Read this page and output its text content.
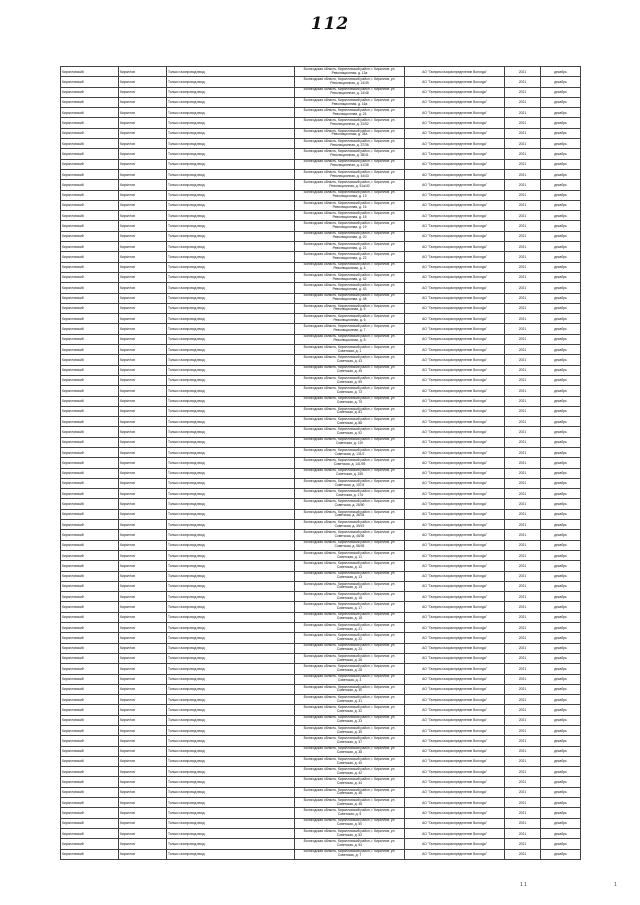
112
Кирилловский	Кириллов	Только газопровод ввод	Вологодская область, Кирилловский район, г. Кириллов, ул. Революционная, д. 13а	АО "Газпром газораспределение Вологда"	2021	декабрь
Кирилловский	Кириллов	Только газопровод ввод	Вологодская область, Кирилловский район, г. Кириллов, ул. Революционная, д. 14/49	АО "Газпром газораспределение Вологда"	2021	декабрь
Кирилловский	Кириллов	Только газопровод ввод	Вологодская область, Кирилловский район, г. Кириллов, ул. Революционная, д. 14/48	АО "Газпром газораспределение Вологда"	2021	декабрь
Кирилловский	Кириллов	Только газопровод ввод	Вологодская область, Кирилловский район, г. Кириллов, ул. Революционная, д. 16а	АО "Газпром газораспределение Вологда"	2021	декабрь
Кирилловский	Кириллов	Только газопровод ввод	Вологодская область, Кирилловский район, г. Кириллов, ул. Революционная, д. 24	АО "Газпром газораспределение Вологда"	2021	декабрь
Кирилловский	Кириллов	Только газопровод ввод	Вологодская область, Кирилловский район, г. Кириллов, ул. Революционная, д. 31/52	АО "Газпром газораспределение Вологда"	2021	декабрь
Кирилловский	Кириллов	Только газопровод ввод	Вологодская область, Кирилловский район, г. Кириллов, ул. Революционная, д. 34а	АО "Газпром газораспределение Вологда"	2021	декабрь
Кирилловский	Кириллов	Только газопровод ввод	Вологодская область, Кирилловский район, г. Кириллов, ул. Революционная, д. 37/36	АО "Газпром газораспределение Вологда"	2021	декабрь
Кирилловский	Кириллов	Только газопровод ввод	Вологодская область, Кирилловский район, г. Кириллов, ул. Революционная, д. 38/41	АО "Газпром газораспределение Вологда"	2021	декабрь
Кирилловский	Кириллов	Только газопровод ввод	Вологодская область, Кирилловский район, г. Кириллов, ул. Революционная, д. 41/38	АО "Газпром газораспределение Вологда"	2021	декабрь
Кирилловский	Кириллов	Только газопровод ввод	Вологодская область, Кирилловский район, г. Кириллов, ул. Революционная, д. 44/43	АО "Газпром газораспределение Вологда"	2021	декабрь
Кирилловский	Кириллов	Только газопровод ввод	Вологодская область, Кирилловский район, г. Кириллов, ул. Революционная, д. 51а/40	АО "Газпром газораспределение Вологда"	2021	декабрь
Кирилловский	Кириллов	Только газопровод ввод	Вологодская область, Кирилловский район, г. Кириллов, ул. Революционная, д. 13	АО "Газпром газораспределение Вологда"	2021	декабрь
Кирилловский	Кириллов	Только газопровод ввод	Вологодская область, Кирилловский район, г. Кириллов, ул. Революционная, д. 15	АО "Газпром газораспределение Вологда"	2021	декабрь
Кирилловский	Кириллов	Только газопровод ввод	Вологодская область, Кирилловский район, г. Кириллов, ул. Революционная, д. 18	АО "Газпром газораспределение Вологда"	2021	декабрь
Кирилловский	Кириллов	Только газопровод ввод	Вологодская область, Кирилловский район, г. Кириллов, ул. Революционная, д. 19	АО "Газпром газораспределение Вологда"	2021	декабрь
Кирилловский	Кириллов	Только газопровод ввод	Вологодская область, Кирилловский район, г. Кириллов, ул. Революционная, д. 20	АО "Газпром газораспределение Вологда"	2021	декабрь
Кирилловский	Кириллов	Только газопровод ввод	Вологодская область, Кирилловский район, г. Кириллов, ул. Революционная, д. 21	АО "Газпром газораспределение Вологда"	2021	декабрь
Кирилловский	Кириллов	Только газопровод ввод	Вологодская область, Кирилловский район, г. Кириллов, ул. Революционная, д. 22	АО "Газпром газораспределение Вологда"	2021	декабрь
Кирилловский	Кириллов	Только газопровод ввод	Вологодская область, Кирилловский район, г. Кириллов, ул. Революционная, д. 4	АО "Газпром газораспределение Вологда"	2021	декабрь
Кирилловский	Кириллов	Только газопровод ввод	Вологодская область, Кирилловский район, г. Кириллов, ул. Революционная, д. 42	АО "Газпром газораспределение Вологда"	2021	декабрь
Кирилловский	Кириллов	Только газопровод ввод	Вологодская область, Кирилловский район, г. Кириллов, ул. Революционная, д. 43	АО "Газпром газораспределение Вологда"	2021	декабрь
Кирилловский	Кириллов	Только газопровод ввод	Вологодская область, Кирилловский район, г. Кириллов, ул. Революционная, д. 48	АО "Газпром газораспределение Вологда"	2021	декабрь
Кирилловский	Кириллов	Только газопровод ввод	Вологодская область, Кирилловский район, г. Кириллов, ул. Революционная, д. 5	АО "Газпром газораспределение Вологда"	2021	декабрь
Кирилловский	Кириллов	Только газопровод ввод	Вологодская область, Кирилловский район, г. Кириллов, ул. Революционная, д. 6	АО "Газпром газораспределение Вологда"	2021	декабрь
Кирилловский	Кириллов	Только газопровод ввод	Вологодская область, Кирилловский район, г. Кириллов, ул. Революционная, д. 7	АО "Газпром газораспределение Вологда"	2021	декабрь
Кирилловский	Кириллов	Только газопровод ввод	Вологодская область, Кирилловский район, г. Кириллов, ул. Революционная, д. 8	АО "Газпром газораспределение Вологда"	2021	декабрь
Кирилловский	Кириллов	Только газопровод ввод	Вологодская область, Кирилловский район, г. Кириллов, ул. Советская, д. 1	АО "Газпром газораспределение Вологда"	2021	декабрь
Кирилловский	Кириллов	Только газопровод ввод	Вологодская область, Кирилловский район, г. Кириллов, ул. Советская, д. 43	АО "Газпром газораспределение Вологда"	2021	декабрь
Кирилловский	Кириллов	Только газопровод ввод	Вологодская область, Кирилловский район, г. Кириллов, ул. Советская, д. 45	АО "Газпром газораспределение Вологда"	2021	декабрь
Кирилловский	Кириллов	Только газопровод ввод	Вологодская область, Кирилловский район, г. Кириллов, ул. Советская, д. 59	АО "Газпром газораспределение Вологда"	2021	декабрь
Кирилловский	Кириллов	Только газопровод ввод	Вологодская область, Кирилловский район, г. Кириллов, ул. Советская, д. 73	АО "Газпром газораспределение Вологда"	2021	декабрь
Кирилловский	Кириллов	Только газопровод ввод	Вологодская область, Кирилловский район, г. Кириллов, ул. Советская, д. 79	АО "Газпром газораспределение Вологда"	2021	декабрь
Кирилловский	Кириллов	Только газопровод ввод	Вологодская область, Кирилловский район, г. Кириллов, ул. Советская, д. 81	АО "Газпром газораспределение Вологда"	2021	декабрь
Кирилловский	Кириллов	Только газопровод ввод	Вологодская область, Кирилловский район, г. Кириллов, ул. Советская, д. 88	АО "Газпром газораспределение Вологда"	2021	декабрь
Кирилловский	Кириллов	Только газопровод ввод	Вологодская область, Кирилловский район, г. Кириллов, ул. Советская, д. 92	АО "Газпром газораспределение Вологда"	2021	декабрь
Кирилловский	Кириллов	Только газопровод ввод	Вологодская область, Кирилловский район, г. Кириллов, ул. Советская, д. 119	АО "Газпром газораспределение Вологда"	2021	декабрь
Кирилловский	Кириллов	Только газопровод ввод	Вологодская область, Кирилловский район, г. Кириллов, ул. Советская, д. 131/2	АО "Газпром газораспределение Вологда"	2021	декабрь
Кирилловский	Кириллов	Только газопровод ввод	Вологодская область, Кирилловский район, г. Кириллов, ул. Советская, д. 141/95	АО "Газпром газораспределение Вологда"	2021	декабрь
Кирилловский	Кириллов	Только газопровод ввод	Вологодская область, Кирилловский район, г. Кириллов, ул. Советская, д. 155	АО "Газпром газораспределение Вологда"	2021	декабрь
Кирилловский	Кириллов	Только газопровод ввод	Вологодская область, Кирилловский район, г. Кириллов, ул. Советская, д. 157/4	АО "Газпром газораспределение Вологда"	2021	декабрь
Кирилловский	Кириллов	Только газопровод ввод	Вологодская область, Кирилловский район, г. Кириллов, ул. Советская, д. 174	АО "Газпром газораспределение Вологда"	2021	декабрь
Кирилловский	Кириллов	Только газопровод ввод	Вологодская область, Кирилловский район, г. Кириллов, ул. Советская, д. 26/50	АО "Газпром газораспределение Вологда"	2021	декабрь
Кирилловский	Кириллов	Только газопровод ввод	Вологодская область, Кирилловский район, г. Кириллов, ул. Советская, д. 36/34	АО "Газпром газораспределение Вологда"	2021	декабрь
Кирилловский	Кириллов	Только газопровод ввод	Вологодская область, Кирилловский район, г. Кириллов, ул. Советская, д. 39/19	АО "Газпром газораспределение Вологда"	2021	декабрь
Кирилловский	Кириллов	Только газопровод ввод	Вологодская область, Кирилловский район, г. Кириллов, ул. Советская, д. 46/36	АО "Газпром газораспределение Вологда"	2021	декабрь
Кирилловский	Кириллов	Только газопровод ввод	Вологодская область, Кирилловский район, г. Кириллов, ул. Советская, д. 56/45	АО "Газпром газораспределение Вологда"	2021	декабрь
Кирилловский	Кириллов	Только газопровод ввод	Вологодская область, Кирилловский район, г. Кириллов, ул. Советская, д. 11	АО "Газпром газораспределение Вологда"	2021	декабрь
Кирилловский	Кириллов	Только газопровод ввод	Вологодская область, Кирилловский район, г. Кириллов, ул. Советская, д. 12	АО "Газпром газораспределение Вологда"	2021	декабрь
Кирилловский	Кириллов	Только газопровод ввод	Вологодская область, Кирилловский район, г. Кириллов, ул. Советская, д. 13	АО "Газпром газораспределение Вологда"	2021	декабрь
Кирилловский	Кириллов	Только газопровод ввод	Вологодская область, Кирилловский район, г. Кириллов, ул. Советская, д. 14	АО "Газпром газораспределение Вологда"	2021	декабрь
Кирилловский	Кириллов	Только газопровод ввод	Вологодская область, Кирилловский район, г. Кириллов, ул. Советская, д. 16	АО "Газпром газораспределение Вологда"	2021	декабрь
Кирилловский	Кириллов	Только газопровод ввод	Вологодская область, Кирилловский район, г. Кириллов, ул. Советская, д. 17	АО "Газпром газораспределение Вологда"	2021	декабрь
Кирилловский	Кириллов	Только газопровод ввод	Вологодская область, Кирилловский район, г. Кириллов, ул. Советская, д. 18	АО "Газпром газораспределение Вологда"	2021	декабрь
Кирилловский	Кириллов	Только газопровод ввод	Вологодская область, Кирилловский район, г. Кириллов, ул. Советская, д. 21	АО "Газпром газораспределение Вологда"	2021	декабрь
Кирилловский	Кириллов	Только газопровод ввод	Вологодская область, Кирилловский район, г. Кириллов, ул. Советская, д. 22	АО "Газпром газораспределение Вологда"	2021	декабрь
Кирилловский	Кириллов	Только газопровод ввод	Вологодская область, Кирилловский район, г. Кириллов, ул. Советская, д. 24	АО "Газпром газораспределение Вологда"	2021	декабрь
Кирилловский	Кириллов	Только газопровод ввод	Вологодская область, Кирилловский район, г. Кириллов, ул. Советская, д. 26	АО "Газпром газораспределение Вологда"	2021	декабрь
Кирилловский	Кириллов	Только газопровод ввод	Вологодская область, Кирилловский район, г. Кириллов, ул. Советская, д. 28	АО "Газпром газораспределение Вологда"	2021	декабрь
Кирилловский	Кириллов	Только газопровод ввод	Вологодская область, Кирилловский район, г. Кириллов, ул. Советская, д. 3	АО "Газпром газораспределение Вологда"	2021	декабрь
Кирилловский	Кириллов	Только газопровод ввод	Вологодская область, Кирилловский район, г. Кириллов, ул. Советская, д. 30	АО "Газпром газораспределение Вологда"	2021	декабрь
Кирилловский	Кириллов	Только газопровод ввод	Вологодская область, Кирилловский район, г. Кириллов, ул. Советская, д. 31	АО "Газпром газораспределение Вологда"	2021	декабрь
Кирилловский	Кириллов	Только газопровод ввод	Вологодская область, Кирилловский район, г. Кириллов, ул. Советская, д. 32	АО "Газпром газораспределение Вологда"	2021	декабрь
Кирилловский	Кириллов	Только газопровод ввод	Вологодская область, Кирилловский район, г. Кириллов, ул. Советская, д. 33	АО "Газпром газораспределение Вологда"	2021	декабрь
Кирилловский	Кириллов	Только газопровод ввод	Вологодская область, Кирилловский район, г. Кириллов, ул. Советская, д. 35	АО "Газпром газораспределение Вологда"	2021	декабрь
Кирилловский	Кириллов	Только газопровод ввод	Вологодская область, Кирилловский район, г. Кириллов, ул. Советская, д. 37	АО "Газпром газораспределение Вологда"	2021	декабрь
Кирилловский	Кириллов	Только газопровод ввод	Вологодская область, Кирилловский район, г. Кириллов, ул. Советская, д. 38	АО "Газпром газораспределение Вологда"	2021	декабрь
Кирилловский	Кириллов	Только газопровод ввод	Вологодская область, Кирилловский район, г. Кириллов, ул. Советская, д. 40	АО "Газпром газораспределение Вологда"	2021	декабрь
Кирилловский	Кириллов	Только газопровод ввод	Вологодская область, Кирилловский район, г. Кириллов, ул. Советская, д. 42	АО "Газпром газораспределение Вологда"	2021	декабрь
Кирилловский	Кириллов	Только газопровод ввод	Вологодская область, Кирилловский район, г. Кириллов, ул. Советская, д. 44	АО "Газпром газораспределение Вологда"	2021	декабрь
Кирилловский	Кириллов	Только газопровод ввод	Вологодская область, Кирилловский район, г. Кириллов, ул. Советская, д. 46	АО "Газпром газораспределение Вологда"	2021	декабрь
Кирилловский	Кириллов	Только газопровод ввод	Вологодская область, Кирилловский район, г. Кириллов, ул. Советская, д. 48	АО "Газпром газораспределение Вологда"	2021	декабрь
Кирилловский	Кириллов	Только газопровод ввод	Вологодская область, Кирилловский район, г. Кириллов, ул. Советская, д. 5	АО "Газпром газораспределение Вологда"	2021	декабрь
Кирилловский	Кириллов	Только газопровод ввод	Вологодская область, Кирилловский район, г. Кириллов, ул. Советская, д. 50	АО "Газпром газораспределение Вологда"	2021	декабрь
Кирилловский	Кириллов	Только газопровод ввод	Вологодская область, Кирилловский район, г. Кириллов, ул. Советская, д. 52	АО "Газпром газораспределение Вологда"	2021	декабрь
Кирилловский	Кириллов	Только газопровод ввод	Вологодская область, Кирилловский район, г. Кириллов, ул. Советская, д. 54	АО "Газпром газораспределение Вологда"	2021	декабрь
Кирилловский	Кириллов	Только газопровод ввод	Вологодская область, Кирилловский район, г. Кириллов, ул. Советская, д. 7	АО "Газпром газораспределение Вологда"	2021	декабрь
1 1	1
